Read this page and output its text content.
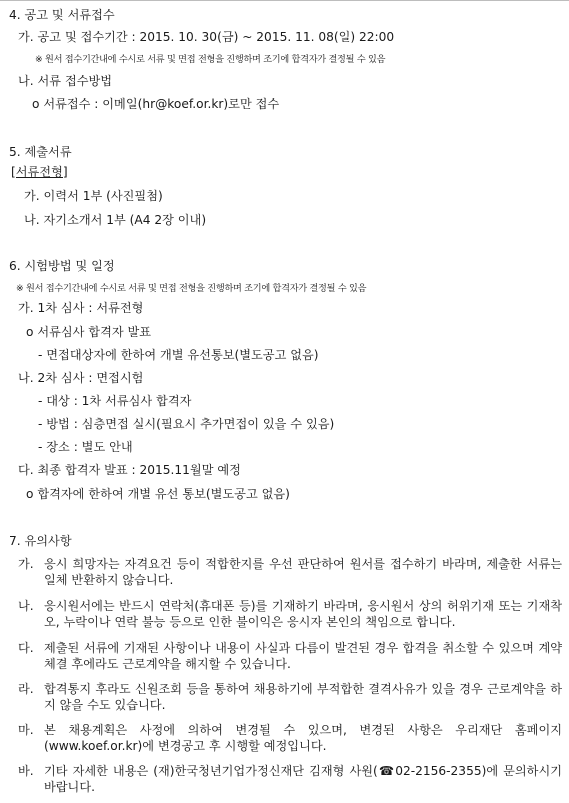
4. 공고 및 서류접수
가. 공고 및 접수기간 : 2015. 10. 30(금) ~ 2015. 11. 08(일) 22:00
※ 원서 접수기간내에 수시로 서류 및 면접 전형을 진행하며 조기에 합격자가 결정될 수 있음
나. 서류 접수방법
o 서류접수 : 이메일(hr@koef.or.kr)로만 접수
5. 제출서류
[서류전형]
가. 이력서 1부 (사진필첨)
나. 자기소개서 1부 (A4 2장 이내)
6. 시험방법 및 일정
※ 원서 접수기간내에 수시로 서류 및 면접 전형을 진행하며 조기에 합격자가 결정될 수 있음
가. 1차 심사 : 서류전형
o 서류심사 합격자 발표
- 면접대상자에 한하여 개별 유선통보(별도공고 없음)
나. 2차 심사 : 면접시험
- 대상 : 1차 서류심사 합격자
- 방법 : 심층면접 실시(필요시 추가면접이 있을 수 있음)
- 장소 : 별도 안내
다. 최종 합격자 발표 : 2015.11월말 예정
o 합격자에 한하여 개별 유선 통보(별도공고 없음)
7. 유의사항
가. 응시 희망자는 자격요건 등이 적합한지를 우선 판단하여 원서를 접수하기 바라며, 제출한 서류는 일체 반환하지 않습니다.
나. 응시원서에는 반드시 연락처(휴대폰 등)를 기재하기 바라며, 응시원서 상의 허위기재 또는 기재착오, 누락이나 연락 불능 등으로 인한 불이익은 응시자 본인의 책임으로 합니다.
다. 제출된 서류에 기재된 사항이나 내용이 사실과 다름이 발견된 경우 합격을 취소할 수 있으며 계약체결 후에라도 근로계약을 해지할 수 있습니다.
라. 합격통지 후라도 신원조회 등을 통하여 채용하기에 부적합한 결격사유가 있을 경우 근로계약을 하지 않을 수도 있습니다.
마. 본 채용계획은 사정에 의하여 변경될 수 있으며, 변경된 사항은 우리재단 홈페이지(www.koef.or.kr)에 변경공고 후 시행할 예정입니다.
바. 기타 자세한 내용은 (재)한국청년기업가정신재단 김재형 사원(☎02-2156-2355)에 문의하시기 바랍니다.
